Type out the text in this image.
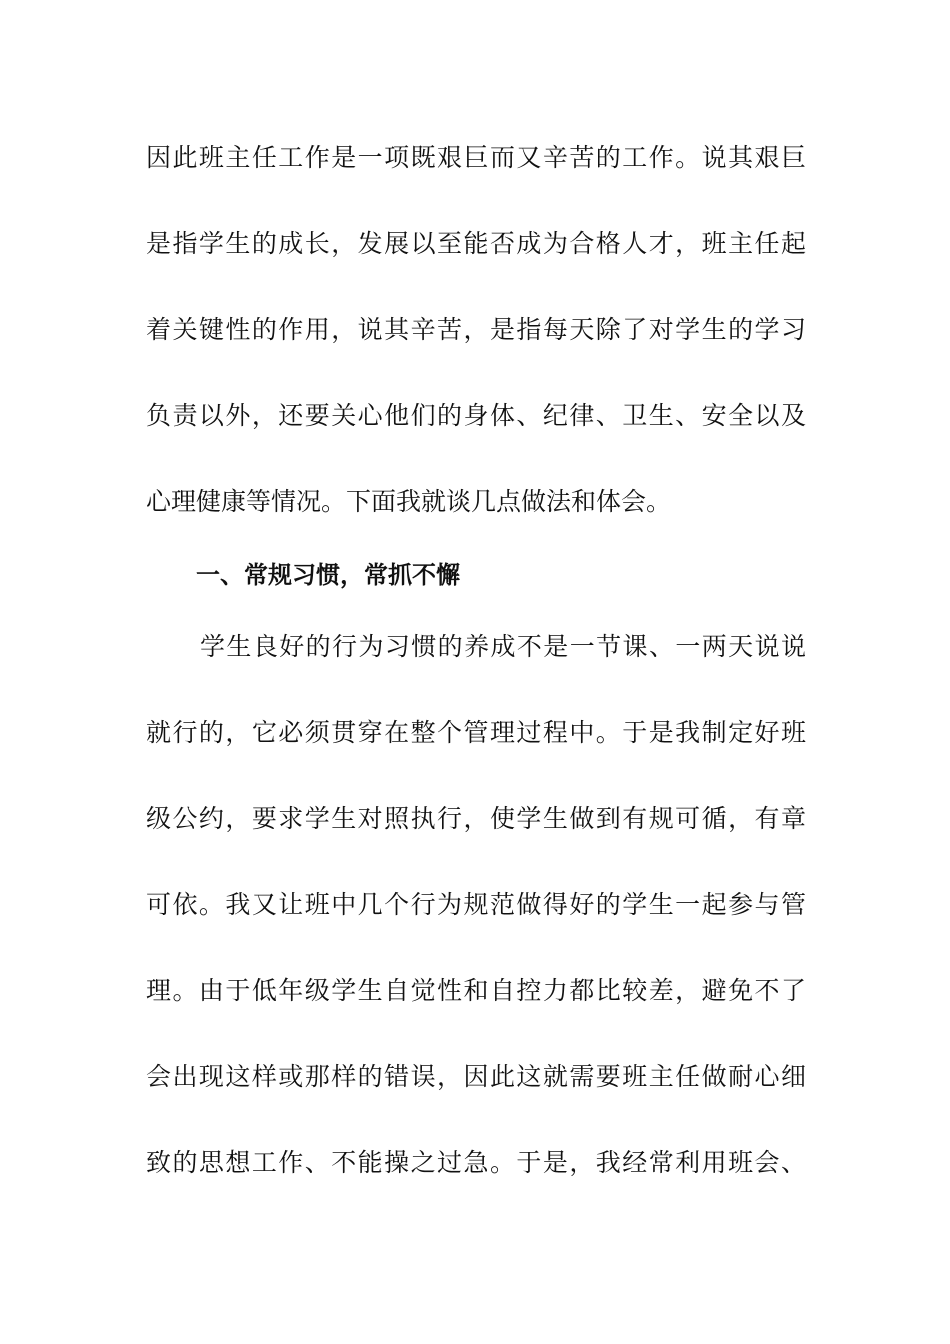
因此班主任工作是一项既艰巨而又辛苦的工作。说其艰巨
是指学生的成长，发展以至能否成为合格人才，班主任起
着关键性的作用，说其辛苦，是指每天除了对学生的学习
负责以外，还要关心他们的身体、纪律、卫生、安全以及
心理健康等情况。下面我就谈几点做法和体会。
一、常规习惯，常抓不懈
学生良好的行为习惯的养成不是一节课、一两天说说
就行的，它必须贯穿在整个管理过程中。于是我制定好班
级公约，要求学生对照执行，使学生做到有规可循，有章
可依。我又让班中几个行为规范做得好的学生一起参与管
理。由于低年级学生自觉性和自控力都比较差，避免不了
会出现这样或那样的错误，因此这就需要班主任做耐心细
致的思想工作、不能操之过急。于是，我经常利用班会、
